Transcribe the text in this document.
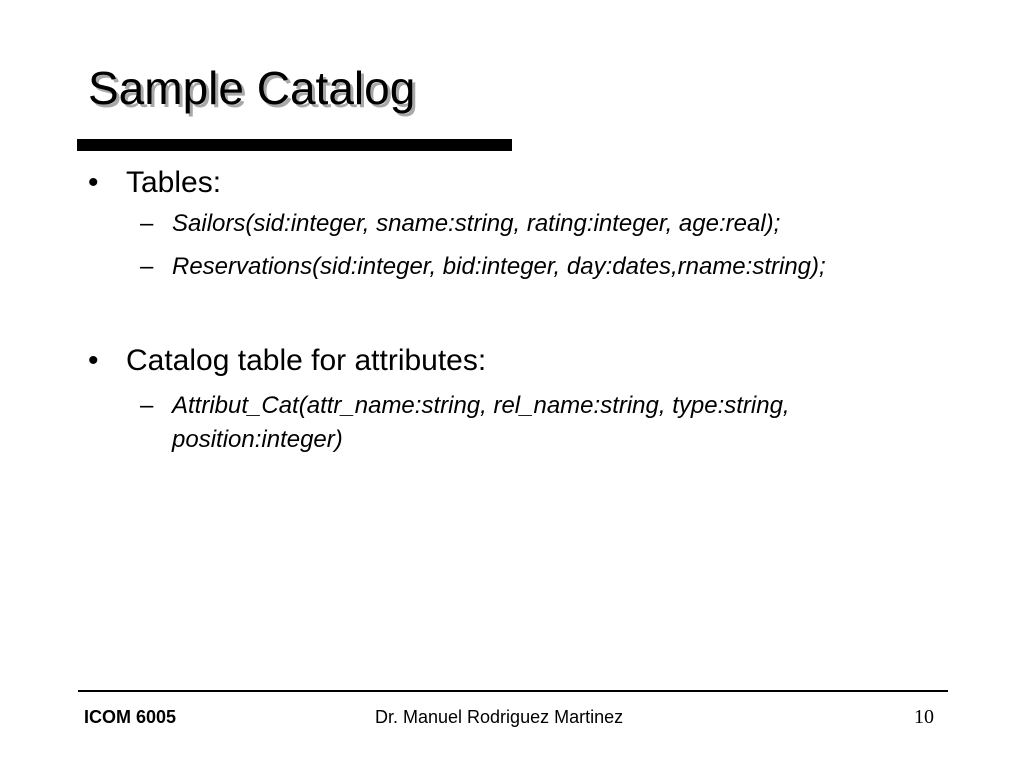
Sample Catalog
• Tables:
– Sailors(sid:integer, sname:string, rating:integer, age:real);
– Reservations(sid:integer, bid:integer, day:dates,rname:string);
• Catalog table for attributes:
– Attribut_Cat(attr_name:string, rel_name:string, type:string, position:integer)
ICOM 6005	Dr. Manuel Rodriguez Martinez	10
